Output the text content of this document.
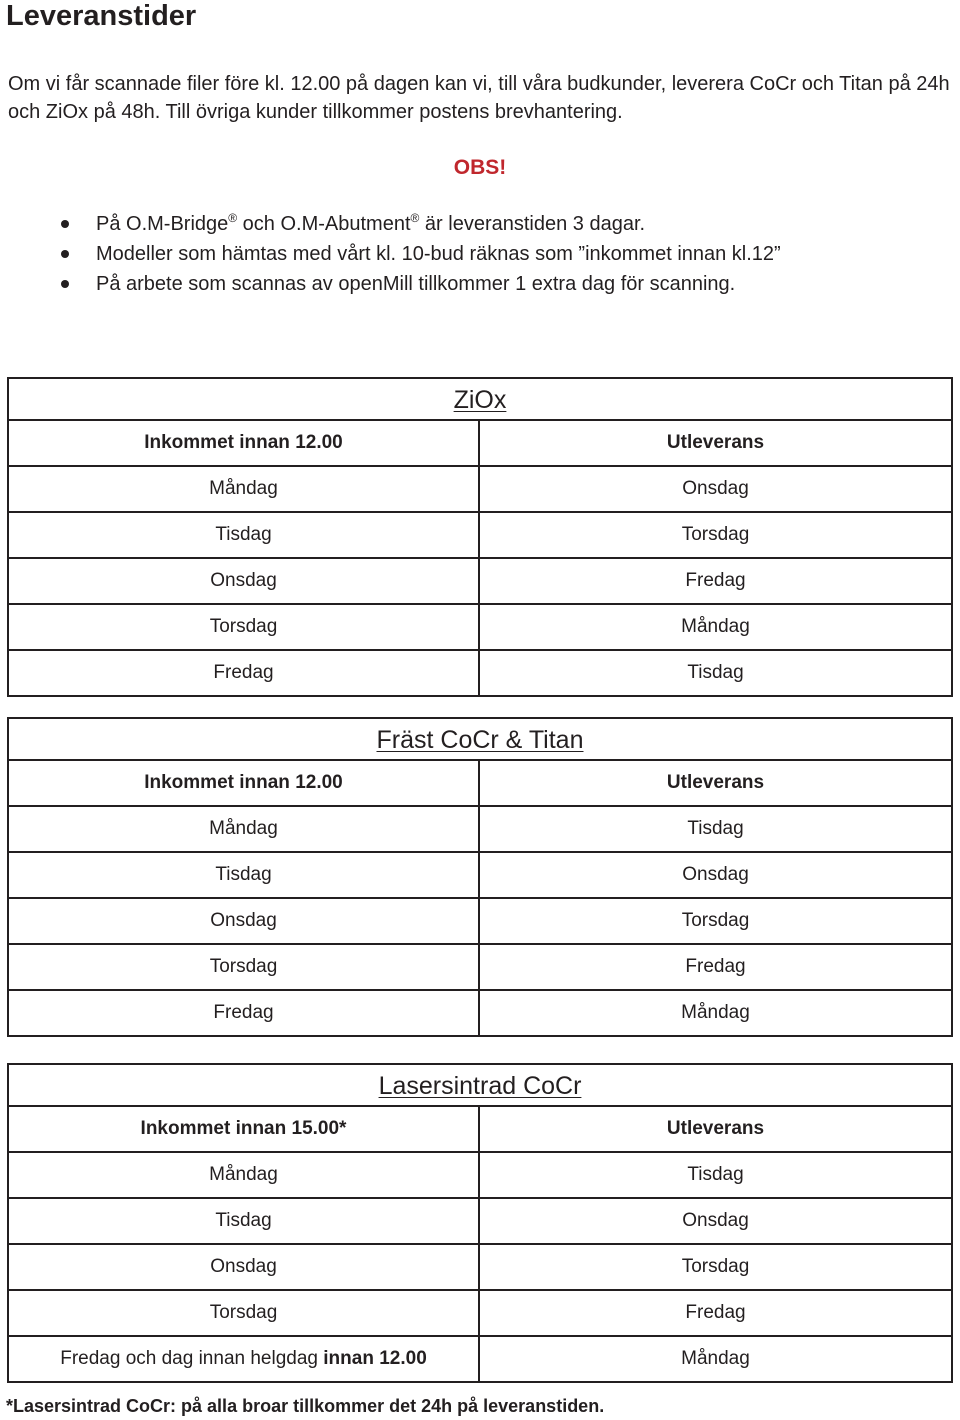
Leveranstider

Om vi får scannade filer före kl. 12.00 på dagen kan vi, till våra budkunder, leverera CoCr och Titan på 24h och ZiOx på 48h. Till övriga kunder tillkommer postens brevhantering.

OBS!
På O.M-Bridge® och O.M-Abutment® är leveranstiden 3 dagar.
Modeller som hämtas med vårt kl. 10-bud räknas som ”inkommet innan kl.12”
På arbete som scannas av openMill tillkommer 1 extra dag för scanning.
ZiOx
Inkommet innan 12.00	Utleverans
Måndag	Onsdag
Tisdag	Torsdag
Onsdag	Fredag
Torsdag	Måndag
Fredag	Tisdag
Fräst CoCr & Titan
Inkommet innan 12.00	Utleverans
Måndag	Tisdag
Tisdag	Onsdag
Onsdag	Torsdag
Torsdag	Fredag
Fredag	Måndag
Lasersintrad CoCr
Inkommet innan 15.00*	Utleverans
Måndag	Tisdag
Tisdag	Onsdag
Onsdag	Torsdag
Torsdag	Fredag
Fredag och dag innan helgdag innan 12.00	Måndag
*Lasersintrad CoCr: på alla broar tillkommer det 24h på leveranstiden.
